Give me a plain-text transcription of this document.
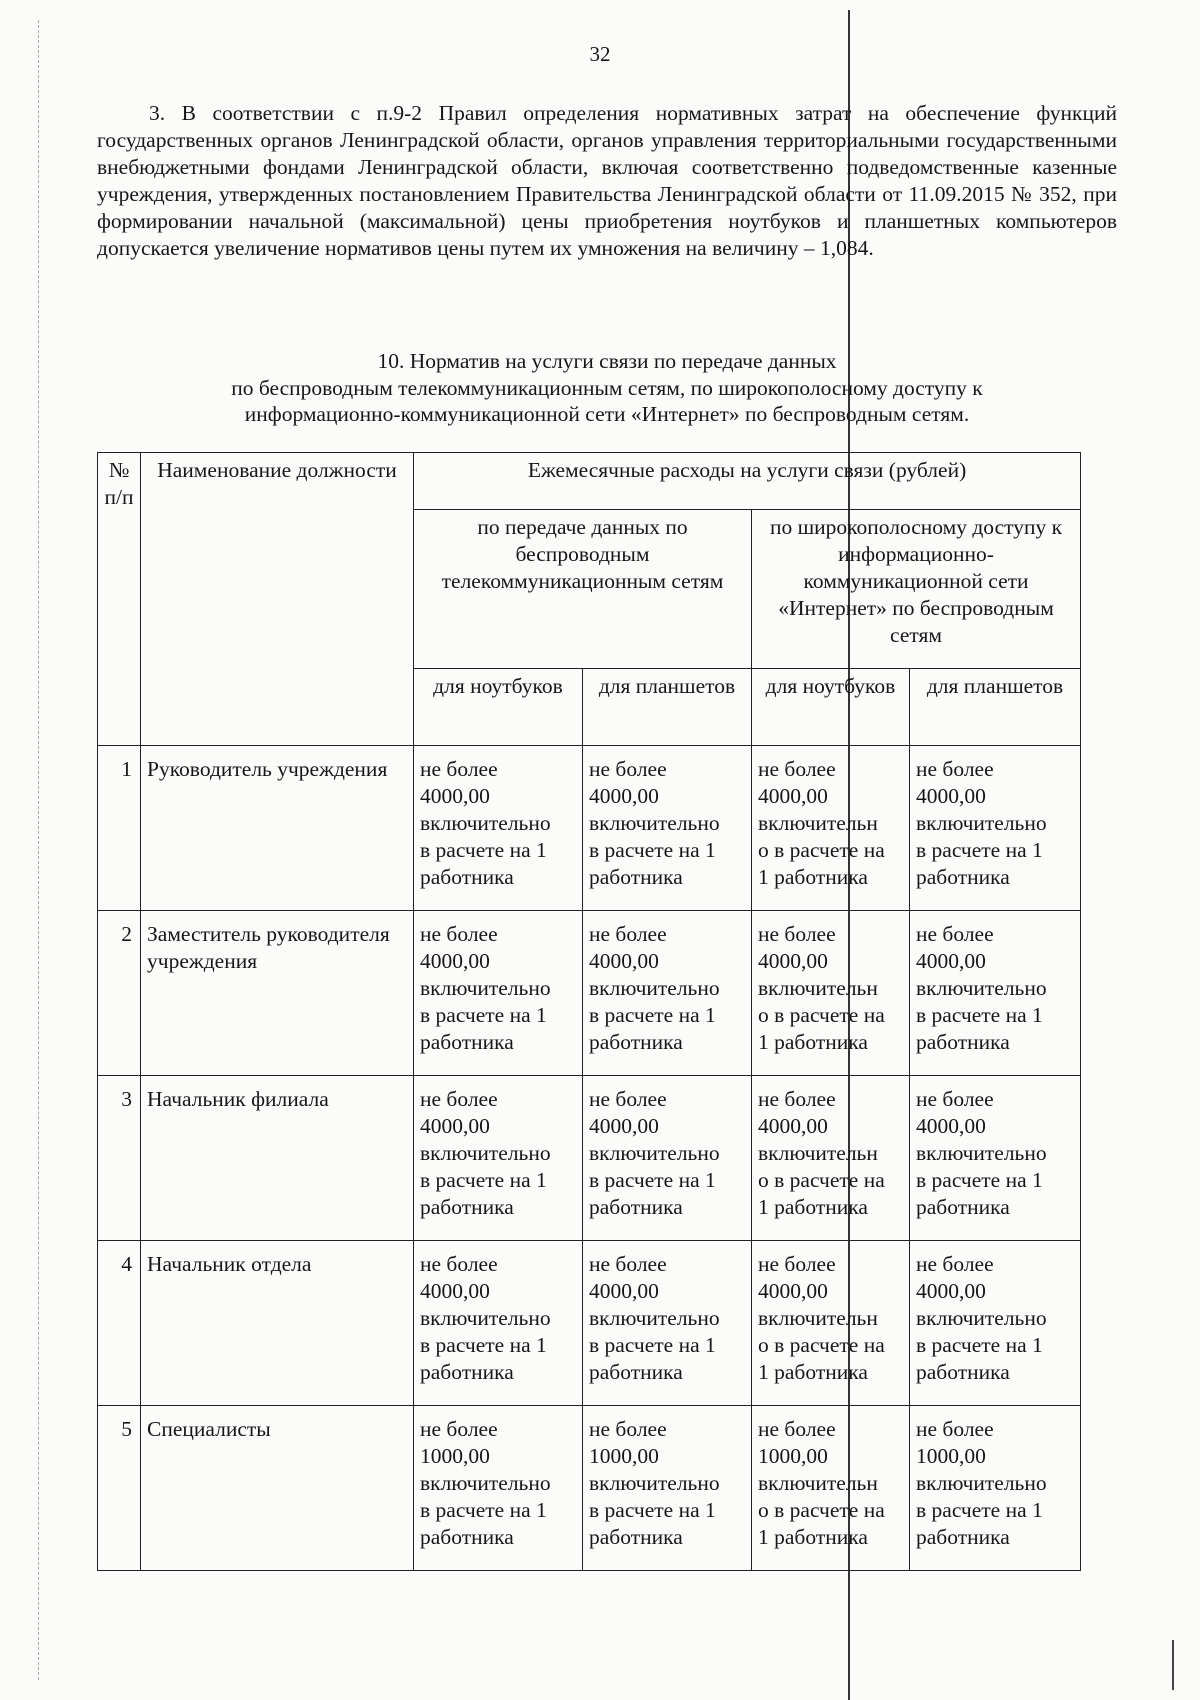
32

3. В соответствии с п.9-2 Правил определения нормативных затрат на обеспечение функций государственных органов Ленинградской области, органов управления территориальными государственными внебюджетными фондами Ленинградской области, включая соответственно подведомственные казенные учреждения, утвержденных постановлением Правительства Ленинградской области от 11.09.2015 № 352, при формировании начальной (максимальной) цены приобретения ноутбуков и планшетных компьютеров допускается увеличение нормативов цены путем их умножения на величину – 1,084.

10. Норматив на услуги связи по передаче данных
по беспроводным телекоммуникационным сетям, по широкополосному доступу к
информационно-коммуникационной сети «Интернет» по беспроводным сетям.
№ п/п	Наименование должности	Ежемесячные расходы на услуги связи (рублей)			
		по передаче данных по беспроводным телекоммуникационным сетям		по широкополосному доступу к информационно-коммуникационной сети «Интернет» по беспроводным сетям	
		для ноутбуков	для планшетов	для ноутбуков	для планшетов
1	Руководитель учреждения	не более
4000,00
включительно
в расчете на 1
работника	не более
4000,00
включительно
в расчете на 1
работника	не более
4000,00
включительн
о в расчете на
1 работника	не более
4000,00
включительно
в расчете на 1
работника

2	Заместитель руководителя учреждения	не более
4000,00
включительно
в расчете на 1
работника	не более
4000,00
включительно
в расчете на 1
работника	не более
4000,00
включительн
о в расчете на
1 работника	не более
4000,00
включительно
в расчете на 1
работника

3	Начальник филиала	не более
4000,00
включительно
в расчете на 1
работника	не более
4000,00
включительно
в расчете на 1
работника	не более
4000,00
включительн
о в расчете на
1 работника	не более
4000,00
включительно
в расчете на 1
работника

4	Начальник отдела	не более
4000,00
включительно
в расчете на 1
работника	не более
4000,00
включительно
в расчете на 1
работника	не более
4000,00
включительн
о в расчете на
1 работника	не более
4000,00
включительно
в расчете на 1
работника

5	Специалисты	не более
1000,00
включительно
в расчете на 1
работника	не более
1000,00
включительно
в расчете на 1
работника	не более
1000,00
включительн
о в расчете на
1 работника	не более
1000,00
включительно
в расчете на 1
работника
